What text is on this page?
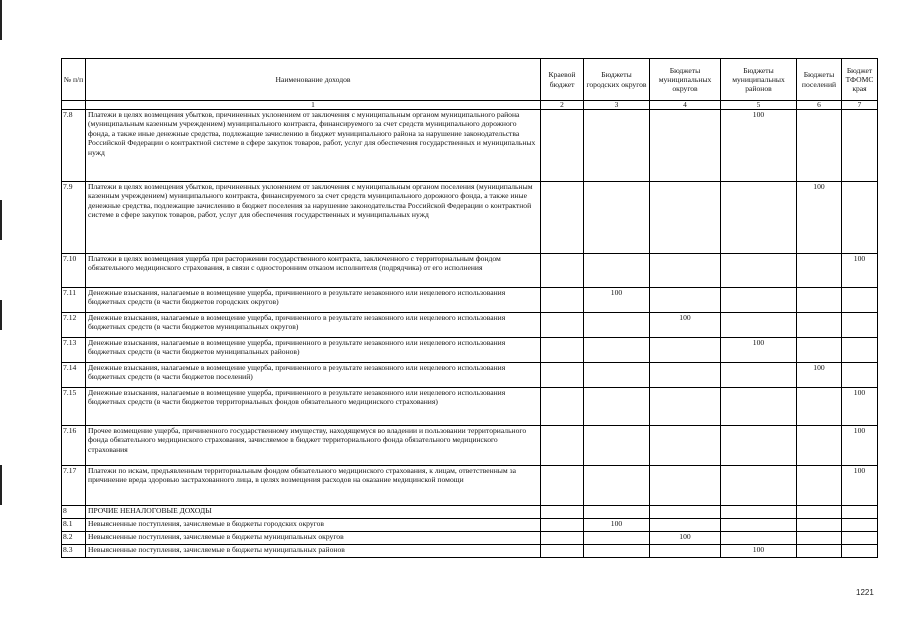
№ п/п	Наименование доходов	Краевой бюджет	Бюджеты городских округов	Бюджеты муниципальных округов	Бюджеты муниципальных районов	Бюджеты поселений	Бюджет ТФОМС края
	1	2	3	4	5	6	7
7.8	Платежи в целях возмещения убытков, причиненных уклонением от заключения с муниципальным органом муниципального района (муниципальным казенным учреждением) муниципального контракта, финансируемого за счет средств муниципального дорожного фонда, а также иные денежные средства, подлежащие зачислению в бюджет муниципального района за нарушение законодательства Российской Федерации о контрактной системе в сфере закупок товаров, работ, услуг для обеспечения государственных и муниципальных нужд				100		
7.9	Платежи в целях возмещения убытков, причиненных уклонением от заключения с муниципальным органом поселения (муниципальным казенным учреждением) муниципального контракта, финансируемого за счет средств муниципального дорожного фонда, а также иные денежные средства, подлежащие зачислению в бюджет поселения за нарушение законодательства Российской Федерации о контрактной системе в сфере закупок товаров, работ, услуг для обеспечения государственных и муниципальных нужд					100	
7.10	Платежи в целях возмещения ущерба при расторжении государственного контракта, заключенного с территориальным фондом обязательного медицинского страхования, в связи с односторонним отказом исполнителя (подрядчика) от его исполнения						100
7.11	Денежные взыскания, налагаемые в возмещение ущерба, причиненного в результате незаконного или нецелевого использования бюджетных средств (в части бюджетов городских округов)		100				
7.12	Денежные взыскания, налагаемые в возмещение ущерба, причиненного в результате незаконного или нецелевого использования бюджетных средств (в части бюджетов муниципальных округов)			100			
7.13	Денежные взыскания, налагаемые в возмещение ущерба, причиненного в результате незаконного или нецелевого использования бюджетных средств (в части бюджетов муниципальных районов)				100		
7.14	Денежные взыскания, налагаемые в возмещение ущерба, причиненного в результате незаконного или нецелевого использования бюджетных средств (в части бюджетов поселений)					100	
7.15	Денежные взыскания, налагаемые в возмещение ущерба, причиненного в результате незаконного или нецелевого использования бюджетных средств (в части бюджетов территориальных фондов обязательного медицинского страхования)						100
7.16	Прочее возмещение ущерба, причиненного государственному имуществу, находящемуся во владении и пользовании территориального фонда обязательного медицинского страхования, зачисляемое в бюджет территориального фонда обязательного медицинского страхования						100
7.17	Платежи по искам, предъявленным территориальным фондом обязательного медицинского страхования, к лицам, ответственным за причинение вреда здоровью застрахованного лица, в целях возмещения расходов на оказание медицинской помощи						100
8	ПРОЧИЕ НЕНАЛОГОВЫЕ ДОХОДЫ						
8.1	Невыясненные поступления, зачисляемые в бюджеты городских округов		100				
8.2	Невыясненные поступления, зачисляемые в бюджеты муниципальных округов			100			
8.3	Невыясненные поступления, зачисляемые в бюджеты муниципальных районов				100		
1221
